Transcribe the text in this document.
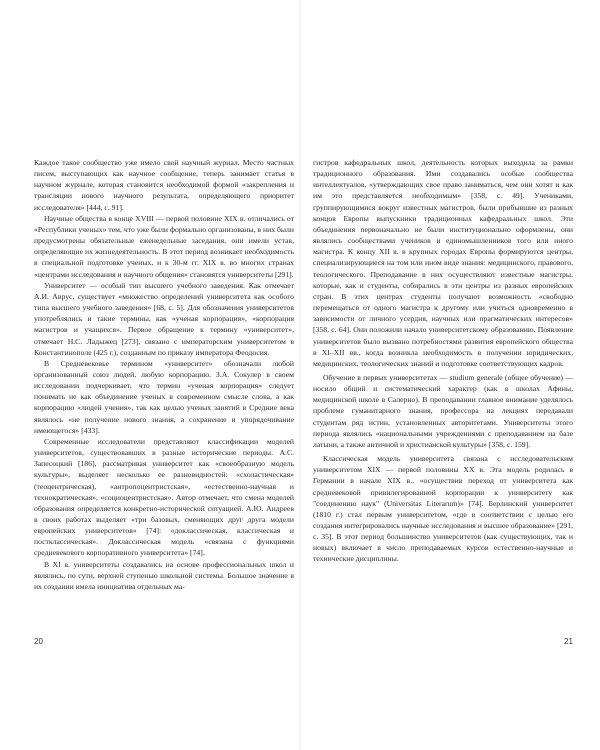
Каждое такое сообщество уже имело свой научный журнал. Место частных писем, выступающих как научное сообщение, теперь занимает статья в научном журнале, которая становится необходимой формой «закрепления и трансляции нового научного результата, определяющего приоритет исследователя» [444, с. 91].

Научные общества в конце XVIII — первой половине XIX в. отличались от «Республики ученых» тем, что уже были формально организованы, в них были предусмотрены обязательные еженедельные заседания, они имели устав, определяющие их жизнедеятельность. В этот период возникает необходимость в специальной подготовке ученых, и к 30-м гг. XIX в. во многих странах «центрами исследования и научного общения» становятся университеты [291].

Университет — особый тип высшего учебного заведения. Как отмечает А.И. Аврус, существует «множество определений университета как особого типа высшего учебного заведения» [68, с. 5]. Для обозначения университетов употреблялись и такие термины, как «ученая корпорация», «корпорация магистров и учащихся». Первое обращение к термину «университет», отмечает Н.С. Ладыжец [273], связано с императорским университетом в Константинополе (425 г.), созданным по приказу императора Феодосия.

В Средневековье термином «университет» обозначали любой организованный союз людей, любую корпорацию. З.А. Сокулер в своем исследовании подчеркивает, что термин «ученая корпорация» следует понимать не как объединение ученых в современном смысле слова, а как корпорацию «людей учения», так как целью ученых занятий в Средние века являлось «не получение нового знания, а сохранение и упорядочивание имеющегося» [433].

Современные исследователи представляют классификации моделей университетов, существовавших в разные исторические периоды. А.С. Запесоцкий [186], рассматривая университет как «своеобразную модель культуры», выделяет несколько ее разновидностей: «схоластическая» (теоцентрическая), «антропоцентристская», «естественно-научная и технократическая», «социоцентристская». Автор отмечает, что смена моделей образования определяется конкретно-исторической ситуацией. А.Ю. Андреев в своих работах выделяет «три базовых, сменяющих друг друга модели европейских университетов» [74]: «доклассическая, классическая и постклассическая». Доклассическая модель «связана с функциями средневекового корпоративного университета» [74].

В XI в. университеты создавались на основе профессиональных школ и являлись, по сути, верхней ступенью школьной системы. Большое значение в их создании имела инициатива отдельных ма-

20

гистров кафедральных школ, деятельность которых выходила за рамки традиционного образования. Ими создавались особые сообщества интеллектуалов, «утверждающих свое право заниматься, чем они хотят и как им это представляется необходимым» [358, с. 49]. Учениками, группирующимися вокруг известных магистров, были прибывшие из разных концов Европы выпускники традиционных кафедральных школ. Эти объединения первоначально не были институционально оформлены, они являлись сообществами учеников и единомышленников того или иного магистра. К концу XII в. в крупных городах Европы формируются центры, специализирующиеся на том или ином виде знания: медицинского, правового, теологического. Преподавание в них осуществляют известные магистры, которые, как и студенты, собирались в эти центры из разных европейских стран. В этих центрах студенты получают возможность «свободно перемещаться от одного магистра к другому или учиться одновременно в зависимости от личного усердия, научных или прагматических интересов» [358, с. 64]. Они положили начало университетскому образованию. Появление университетов было вызвано потребностями развития европейского общества в XI–XII вв., когда возникла необходимость в получении юридических, медицинских, теологических знаний и подготовке соответствующих кадров.

Обучение в первых университетах — studium generale (общее обучение) — носило общий и систематический характер (как в школах Афины, медицинской школе в Салерно). В преподавании главное внимание уделялось проблеме гуманитарного знания, профессора на лекциях передавали студентам ряд истин, установленных авторитетами. Университеты этого периода являлись «национальными учреждениями с преподаванием на базе латыни, а также античной и христианской культуры» [358, с. 159].

Классическая модель университета связана с исследовательским университетом XIX — первой половины XX в. Эта модель родилась в Германии в начале XIX в., «осуществив переход от университета как средневековой привилегированной корпорации к университету как "соединению наук" (Universitas Literarum)» [74]. Берлинский университет (1810 г.) стал первым университетом, «где в соответствии с целью его создания интегрировались научные исследования и высшее образование» [291, с. 35]. В этот период большинство университетов (как существующих, так и новых) включает в число преподаваемых курсов естественно-научные и технические дисциплины.

21
